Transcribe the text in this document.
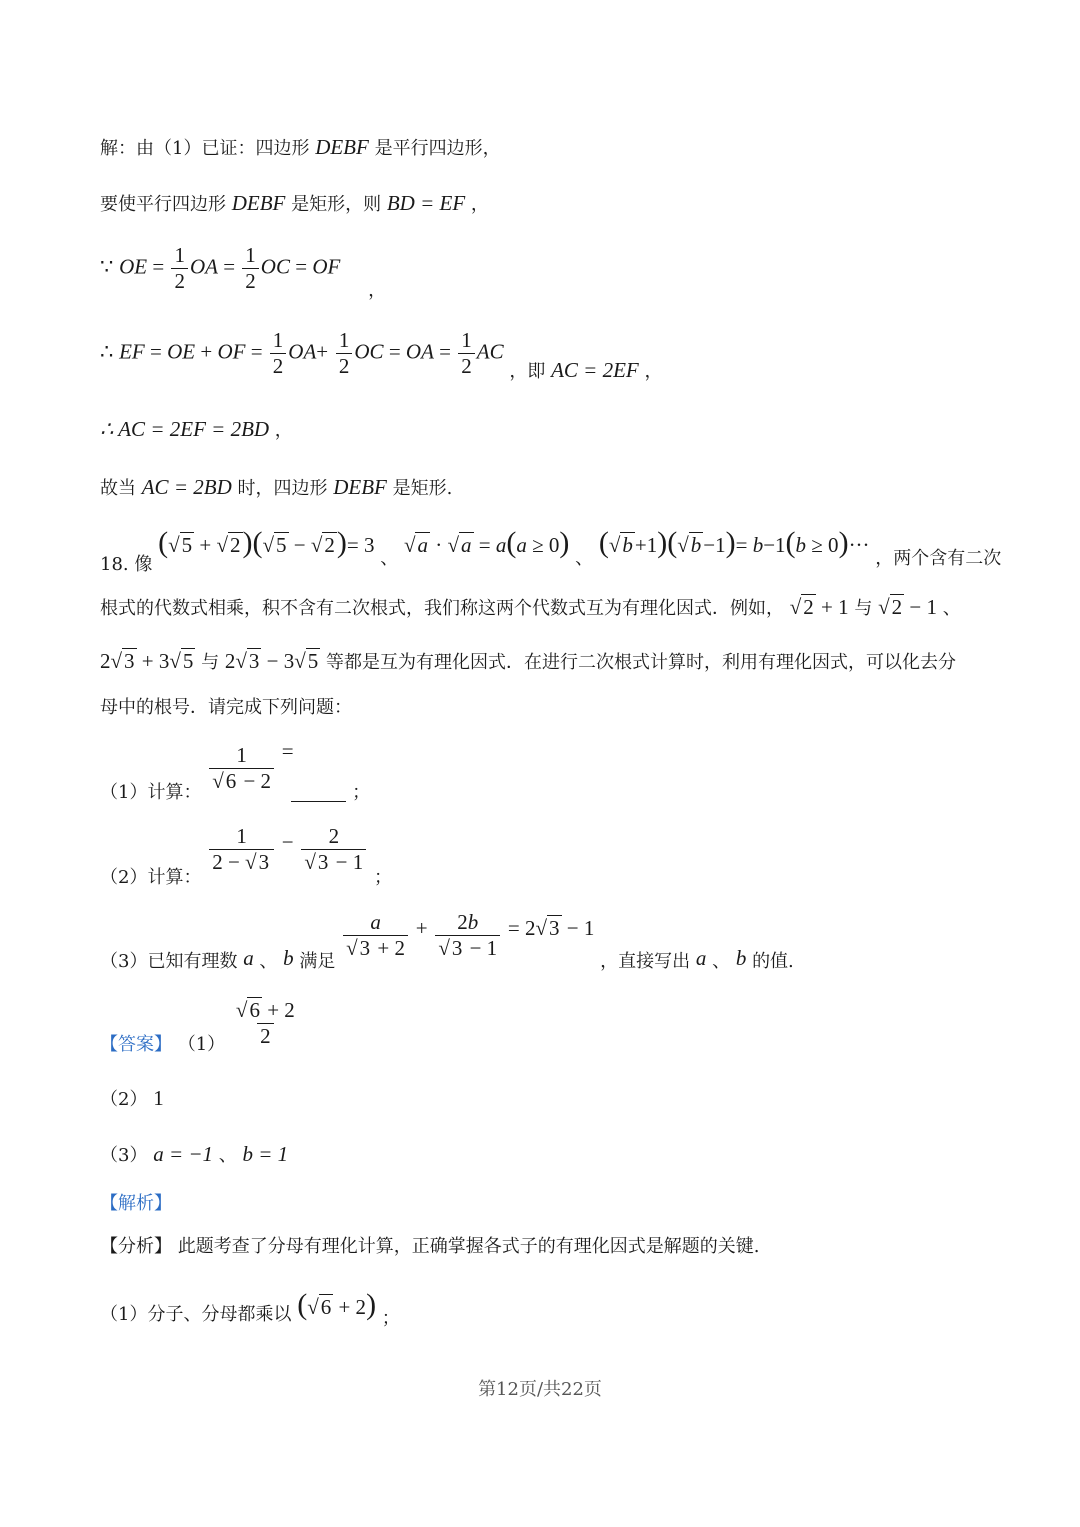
解：由（1）已证：四边形 DEBF 是平行四边形，
要使平行四边形 DEBF 是矩形，则 BD = EF ，
∵ OE = $\frac{1}{2}$ OA = $\frac{1}{2}$ OC = OF ，
∴ EF = OE + OF = $\frac{1}{2} OA+ \frac{1}{2}$ OC = OA = $\frac{1}{2}$ AC ，即 AC = 2EF ，
∴ AC = 2EF = 2BD ，
故当 AC = 2BD 时，四边形 DEBF 是矩形.
18. 像 (√5 + √2)(√5 − √2)= 3 、 √a · √a = a(a ≥ 0) 、 (√b+1)(√b−1)= b−1(b ≥ 0)··· ，两个含有二次
根式的代数式相乘，积不含有二次根式，我们称这两个代数式互为有理化因式．例如， √2 + 1 与 √2 − 1 、
2√3 + 3√5 与 2√3 − 3√5 等都是互为有理化因式．在进行二次根式计算时，利用有理化因式，可以化去分
母中的根号．请完成下列问题：
（1）计算：
$\frac{1}{√6 - 2}$ =  ；
（2）计算：
$\frac{1}{2 - √3} - \frac{2}{√3 - 1}$
；
（3）已知有理数 a 、 b 满足
$\frac{a}{√3 + 2} + \frac{2b}{√3 - 1} = 2√3 - 1$ ，直接写出 a 、 b 的值.
【答案】 $(1) \frac{√6 + 2}{2}$
（2） 1
（3） a = −1 、 b = 1
【解析】
【分析】 此题考查了分母有理化计算，正确掌握各式子的有理化因式是解题的关键.
（1）分子、分母都乘以 (√6 + 2) ；
第12页/共22页
